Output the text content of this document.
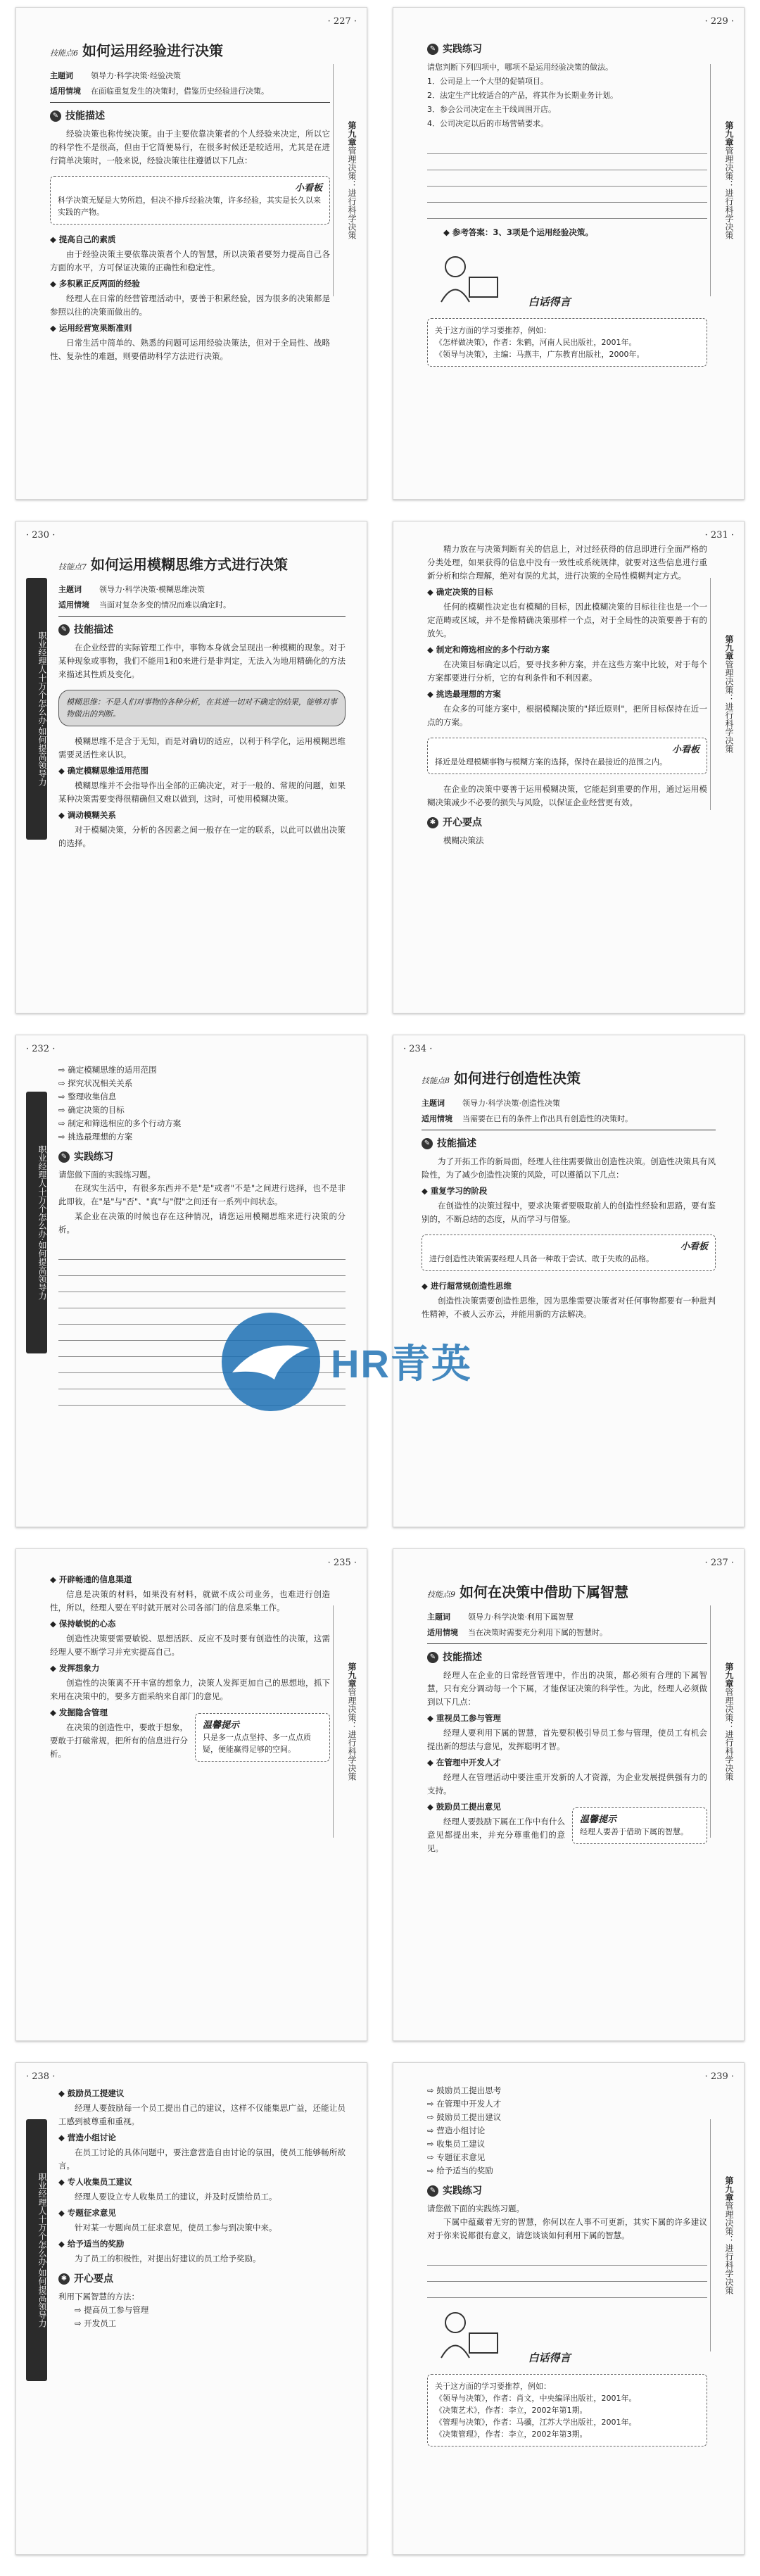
· 227 ·
第九章管理决策：进行科学决策
技能点6 如何运用经验进行决策
主题词 领导力·科学决策·经验决策
适用情境 在面临重复发生的决策时，借鉴历史经验进行决策。
✎ 技能描述

经验决策也称传统决策。由于主要依靠决策者的个人经验来决定，所以它的科学性不是很高，但由于它简便易行，在很多时候还是较适用，尤其是在进行简单决策时，一般来说，经验决策往往遵循以下几点：

小看板
科学决策无疑是大势所趋，但决不排斥经验决策，许多经验，其实是长久以来实践的产物。
◆ 提高自己的素质

由于经验决策主要依靠决策者个人的智慧，所以决策者要努力提高自己各方面的水平，方可保证决策的正确性和稳定性。

◆ 多积累正反两面的经验

经理人在日常的经营管理活动中，要善于积累经验，因为很多的决策都是参照以往的决策而做出的。

◆ 运用经营宽果断准则

日常生活中简单的、熟悉的问题可运用经验决策法，但对于全局性、战略性、复杂性的难题，则要借助科学方法进行决策。

· 229 ·
第九章管理决策：进行科学决策
✎ 实践练习
请您判断下列四项中，哪项不是运用经验决策的做法。
1．公司是上一个大型的促销项目。
2．法定生产比较适合的产品，将其作为长期业务计划。
3．参会公司决定在主干线周围开店。
4．公司决定以后的市场营销要求。
◆ 参考答案：3、3项是个运用经验决策。
白话得言
关于这方面的学习要推荐，例如：
《怎样做决策》，作者：朱鹤，河南人民出版社，2001年。
《领导与决策》，主编：马燕丰，广东教育出版社，2000年。
· 230 ·
职业经理人十万个怎么办·如何提高领导力
技能点7 如何运用模糊思维方式进行决策
主题词 领导力·科学决策·模糊思维决策
适用情境 当面对复杂多变的情况而难以确定时。
✎ 技能描述

在企业经营的实际管理工作中，事物本身就会呈现出一种模糊的现象。对于某种现象或事物，我们不能用1和0来进行是非判定，无法入为地用精确化的方法来描述其性质及变化。

模糊思维：不是人们对事物的各种分析，在其进一切对不确定的结果，能够对事物做出的判断。

模糊思维不是含于无知，而是对确切的适应，以利于科学化，运用模糊思维需要灵活性来认识。

◆ 确定模糊思维适用范围

模糊思维并不会指导作出全部的正确决定，对于一般的、常规的问题，如果某种决策需要变得很精确但又难以做到，这时，可使用模糊决策。

◆ 调动模糊关系

对于模糊决策，分析的各因素之间一般存在一定的联系，以此可以做出决策的选择。

· 231 ·
第九章管理决策：进行科学决策

精力放在与决策判断有关的信息上，对过经获得的信息即进行全面严格的分类处理，如果获得的信息中没有一致性或系统规律，就要对这些信息进行重新分析和综合理解，绝对有误的尤其，进行决策的全局性模糊判定方式。

◆ 确定决策的目标

任何的模糊性决定也有模糊的目标，因此模糊决策的目标往往也是一个一定范畴或区域，并不是像精确决策那样一个点，对于全局性的决策要善于有的放矢。

◆ 制定和筛选相应的多个行动方案

在决策目标确定以后，要寻找多种方案，并在这些方案中比较，对于每个方案都要进行分析，它的有利条件和不利因素。

◆ 挑选最理想的方案

在众多的可能方案中，根据模糊决策的"择近原则"，把所目标保持在近一点的方案。

小看板
择近是处理模糊事物与模糊方案的选择，保持在最接近的范围之内。

在企业的决策中要善于运用模糊决策，它能起到重要的作用，通过运用模糊决策减少不必要的损失与风险，以保证企业经营更有效。

✱ 开心要点
模糊决策法
· 232 ·
职业经理人十万个怎么办·如何提高领导力
⇨ 确定模糊思维的适用范围
⇨ 探究状况相关关系
⇨ 整理收集信息
⇨ 确定决策的目标
⇨ 制定和筛选相应的多个行动方案
⇨ 挑选最理想的方案
✎ 实践练习
请您做下面的实践练习题。

在现实生活中，有很多东西并不是"是"或者"不是"之间进行选择，也不是非此即彼，在"是"与"否"、"真"与"假"之间还有一系列中间状态。

某企业在决策的时候也存在这种情况，请您运用模糊思维来进行决策的分析。

· 234 ·
技能点8 如何进行创造性决策
主题词 领导力·科学决策·创造性决策
适用情境 当需要在已有的条件上作出具有创造性的决策时。
✎ 技能描述

为了开拓工作的新局面，经理人往往需要做出创造性决策。创造性决策具有风险性，为了减少创造性决策的风险，可以遵循以下几点：

◆ 重复学习的阶段

在创造性的决策过程中，要求决策者要吸取前人的创造性经验和思路，要有鉴别的，不断总结的态度，从而学习与借鉴。

小看板
进行创造性决策需要经理人具备一种敢于尝试、敢于失败的品格。
◆ 进行超常规创造性思维

创造性决策需要创造性思维，因为思维需要决策者对任何事物都要有一种批判性精神，不被人云亦云，并能用新的方法解决。

· 235 ·
第九章管理决策：进行科学决策
◆ 开辟畅通的信息渠道

信息是决策的材料，如果没有材料，就做不成公司业务，也难进行创造性，所以，经理人要在平时就开展对公司各部门的信息采集工作。

◆ 保持敏锐的心态

创造性决策要需要敏锐、思想活跃、反应不及时要有创造性的决策，这需经理人要不断学习并充实提高自己。

◆ 发挥想象力

创造性的决策离不开丰富的想象力，决策人发挥更加自己的思想地，抓下来用在决策中的，要多方面采纳来自部门的意见。

温馨提示
只是多一点点坚持、多一点点质疑，便能赢得足够的空间。
◆ 发掘隐含管理

在决策的创造性中，要敢于想象，要敢于打破常规，把所有的信息进行分析。

· 237 ·
第九章管理决策：进行科学决策
技能点9 如何在决策中借助下属智慧
主题词 领导力·科学决策·利用下属智慧
适用情境 当在决策时需要充分利用下属的智慧时。
✎ 技能描述

经理人在企业的日常经营管理中，作出的决策，都必须有合理的下属智慧，只有充分调动每一个下属，才能保证决策的科学性。为此，经理人必须做到以下几点：

◆ 重视员工参与管理

经理人要利用下属的智慧，首先要积极引导员工参与管理，使员工有机会提出新的想法与意见，发挥聪明才智。

◆ 在管理中开发人才

经理人在管理活动中要注重开发新的人才资源，为企业发展提供强有力的支持。

温馨提示
经理人要善于借助下属的智慧。
◆ 鼓励员工提出意见

经理人要鼓励下属在工作中有什么意见都提出来，并充分尊重他们的意见。

· 238 ·
职业经理人十万个怎么办·如何提高领导力
◆ 鼓励员工提建议

经理人要鼓励每一个员工提出自己的建议，这样不仅能集思广益，还能让员工感到被尊重和重视。

◆ 营造小组讨论

在员工讨论的具体问题中，要注意营造自由讨论的氛围，使员工能够畅所欲言。

◆ 专人收集员工建议

经理人要设立专人收集员工的建议，并及时反馈给员工。

◆ 专题征求意见

针对某一专题向员工征求意见，使员工参与到决策中来。

◆ 给予适当的奖励

为了员工的积极性，对提出好建议的员工给予奖励。

✱ 开心要点
利用下属智慧的方法：
⇨ 提高员工参与管理
⇨ 开发员工
· 239 ·
第九章管理决策：进行科学决策
⇨ 鼓励员工提出思考
⇨ 在管理中开发人才
⇨ 鼓励员工提出建议
⇨ 营造小组讨论
⇨ 收集员工建议
⇨ 专题征求意见
⇨ 给予适当的奖励
✎ 实践练习
请您做下面的实践练习题。

下属中蕴藏着无穷的智慧，你何以在人事不可更新，其实下属的许多建议对于你来说都很有意义，请您谈谈如何利用下属的智慧。

白话得言
关于这方面的学习要推荐，例如：
《领导与决策》，作者：肖文，中央编译出版社，2001年。
《决策艺术》，作者：李立，2002年第1期。
《管理与决策》，作者：马骥，江苏大学出版社，2001年。
《决策管理》，作者：李立，2002年第3期。
HR青英
